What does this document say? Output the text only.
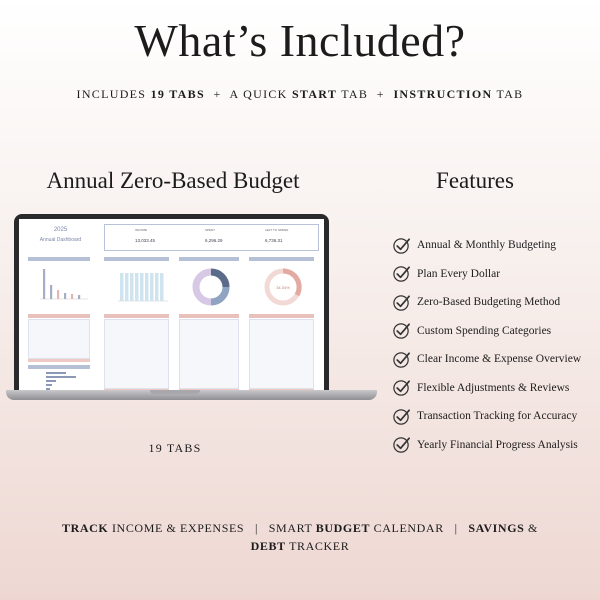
What’s Included?
INCLUDES 19 TABS  +  A QUICK START TAB  +  INSTRUCTION TAB
Annual Zero-Based Budget	Features
2025
Annual Dashboard
INCOME
13,033.45
SPENT
6,296.29
LEFT TO SPEND
6,736.31
34.34%
19 TABS
Annual & Monthly Budgeting
Plan Every Dollar
Zero-Based Budgeting Method
Custom Spending Categories
Clear Income & Expense Overview
Flexible Adjustments & Reviews
Transaction Tracking for Accuracy
Yearly Financial Progress Analysis
TRACK INCOME & EXPENSES   |   SMART BUDGET CALENDAR   |   SAVINGS &
DEBT TRACKER
